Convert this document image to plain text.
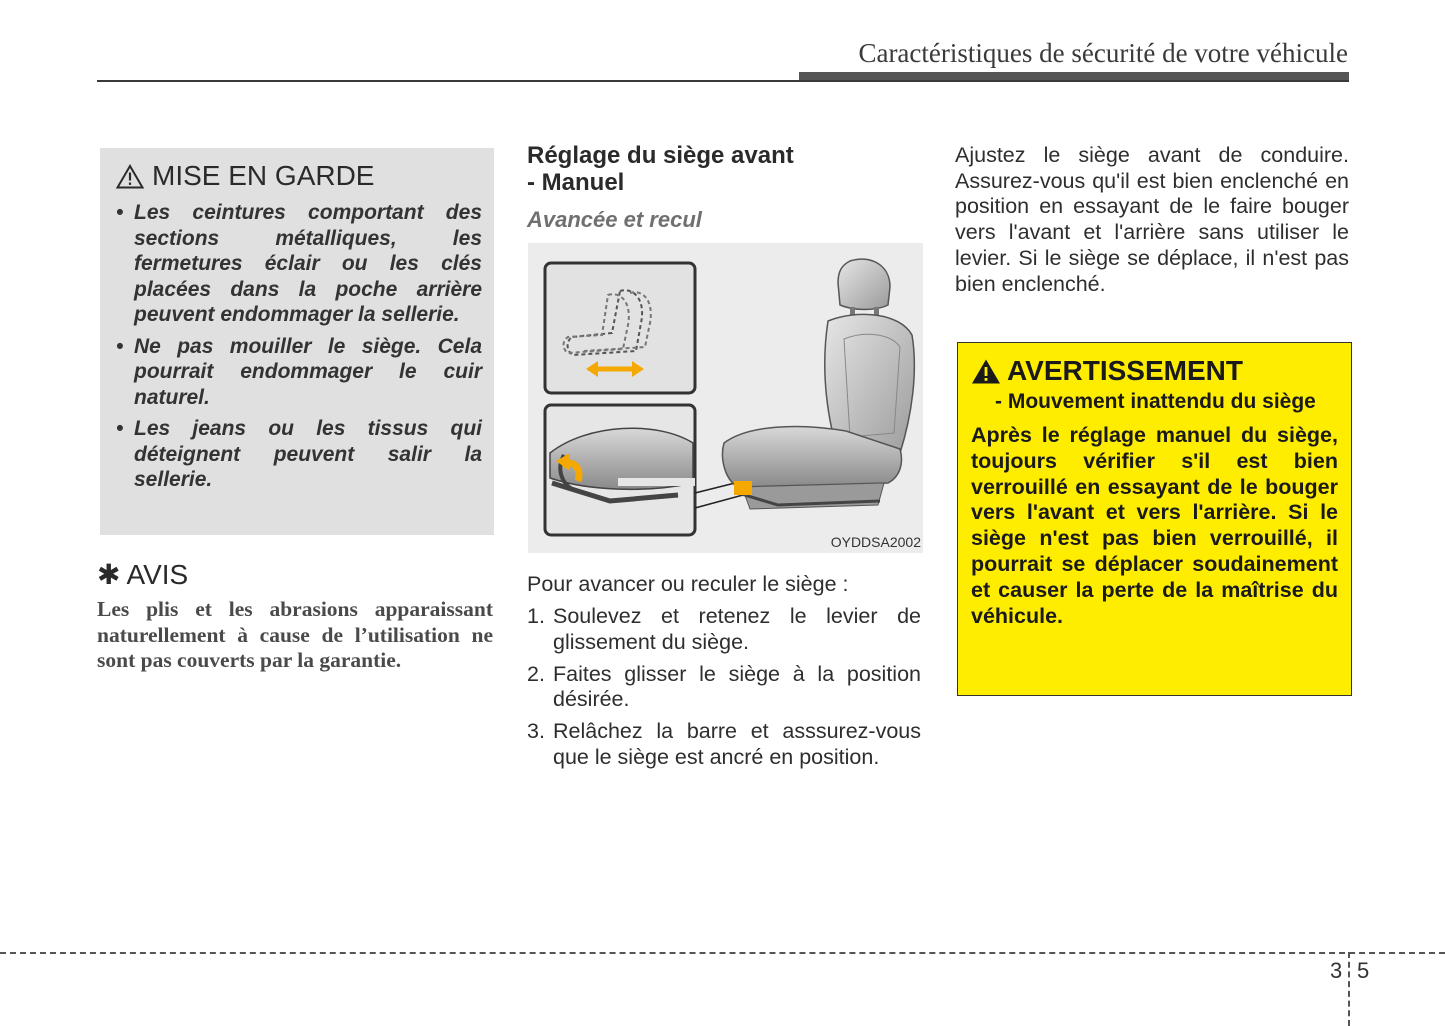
Caractéristiques de sécurité de votre véhicule
MISE EN GARDE
• Les ceintures comportant des sections métalliques, les fermetures éclair ou les clés placées dans la poche arrière peuvent endommager la sellerie.
• Ne pas mouiller le siège. Cela pourrait endommager le cuir naturel.
• Les jeans ou les tissus qui déteignent peuvent salir la sellerie.
✱ AVIS
Les plis et les abrasions apparaissant naturellement à cause de l’utilisation ne sont pas couverts par la garantie.
Réglage du siège avant
- Manuel
Avancée et recul
OYDDSA2002
Pour avancer ou reculer le siège :
1. Soulevez et retenez le levier de glissement du siège.
2. Faites glisser le siège à la position désirée.
3. Relâchez la barre et asssurez-vous que le siège est ancré en position.
Ajustez le siège avant de conduire. Assurez-vous qu'il est bien enclenché en position en essayant de le faire bouger vers l'avant et l'arrière sans utiliser le levier. Si le siège se déplace, il n'est pas bien enclenché.
AVERTISSEMENT
- Mouvement inattendu du siège
Après le réglage manuel du siège, toujours vérifier s'il est bien verrouillé en essayant de le bouger vers l'avant et vers l'arrière. Si le siège n'est pas bien verrouillé, il pourrait se déplacer soudainement et causer la perte de la maîtrise du véhicule.
3 5
